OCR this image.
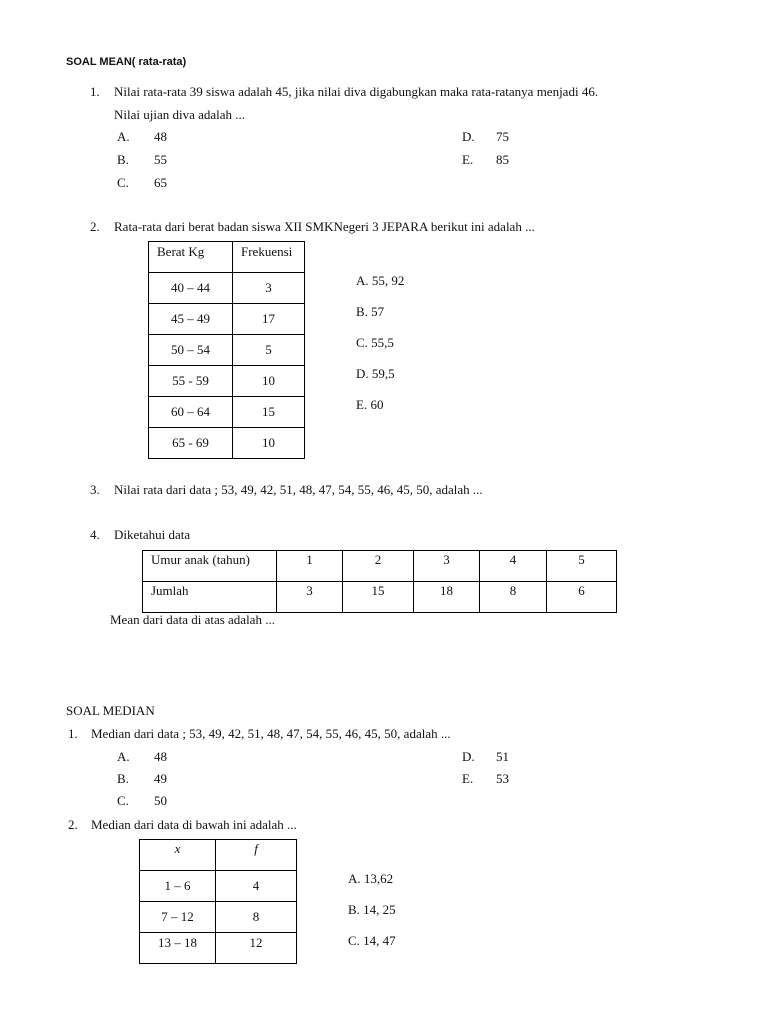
SOAL MEAN( rata-rata)
1. Nilai rata-rata 39 siswa adalah 45, jika nilai diva digabungkan maka rata-ratanya menjadi 46.
Nilai ujian diva adalah ...
A. 48
B. 55
C. 65
D. 75
E. 85
2. Rata-rata dari berat badan siswa XII SMKNegeri 3 JEPARA berikut ini adalah ...
Berat Kg	Frekuensi
40 – 44	3
45 – 49	17
50 – 54	5
55 - 59	10
60 – 64	15
65 - 69	10
A. 55, 92
B. 57
C. 55,5
D. 59,5
E. 60
3. Nilai rata dari data ; 53, 49, 42, 51, 48, 47, 54, 55, 46, 45, 50, adalah ...
4. Diketahui data
Umur anak (tahun)	1	2	3	4	5
Jumlah	3	15	18	8	6
Mean dari data di atas adalah ...
SOAL MEDIAN
1. Median dari data ; 53, 49, 42, 51, 48, 47, 54, 55, 46, 45, 50, adalah ...
A. 48
B. 49
C. 50
D. 51
E. 53
2. Median dari data di bawah ini adalah ...
x	f
1 – 6	4
7 – 12	8
13 – 18	12
A. 13,62
B. 14, 25
C. 14, 47
